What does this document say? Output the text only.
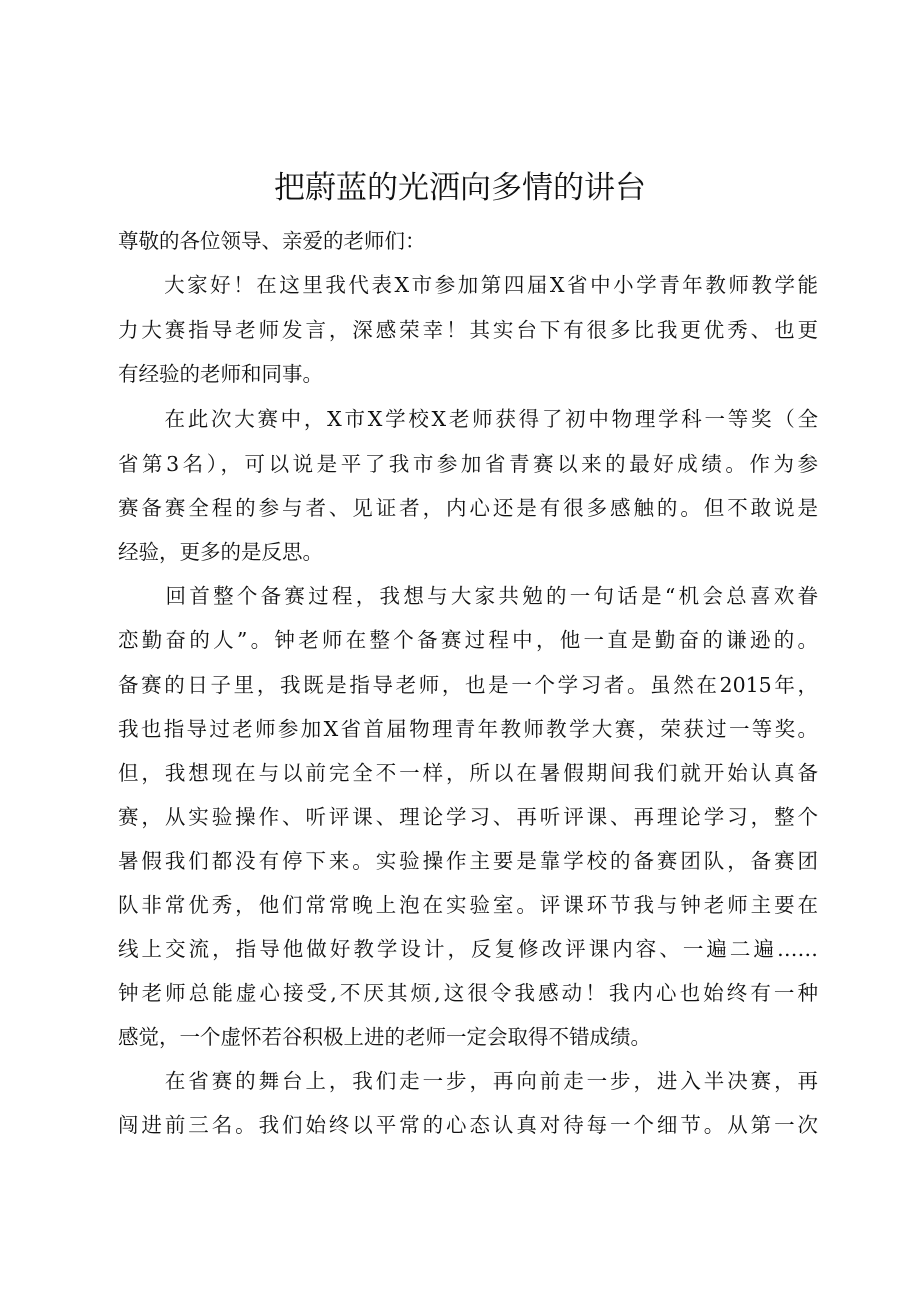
把蔚蓝的光洒向多情的讲台
尊敬的各位领导、亲爱的老师们：
　　大家好！在这里我代表X市参加第四届X省中小学青年教师教学能
力大赛指导老师发言，深感荣幸！其实台下有很多比我更优秀、也更
有经验的老师和同事。
　　在此次大赛中，X市X学校X老师获得了初中物理学科一等奖（全
省第3名），可以说是平了我市参加省青赛以来的最好成绩。作为参
赛备赛全程的参与者、见证者，内心还是有很多感触的。但不敢说是
经验，更多的是反思。
　　回首整个备赛过程，我想与大家共勉的一句话是“机会总喜欢眷
恋勤奋的人”。钟老师在整个备赛过程中，他一直是勤奋的谦逊的。
备赛的日子里，我既是指导老师，也是一个学习者。虽然在2015年，
我也指导过老师参加X省首届物理青年教师教学大赛，荣获过一等奖。
但，我想现在与以前完全不一样，所以在暑假期间我们就开始认真备
赛，从实验操作、听评课、理论学习、再听评课、再理论学习，整个
暑假我们都没有停下来。实验操作主要是靠学校的备赛团队，备赛团
队非常优秀，他们常常晚上泡在实验室。评课环节我与钟老师主要在
线上交流，指导他做好教学设计，反复修改评课内容、一遍二遍……
钟老师总能虚心接受,不厌其烦,这很令我感动！我内心也始终有一种
感觉，一个虚怀若谷积极上进的老师一定会取得不错成绩。
　　在省赛的舞台上，我们走一步，再向前走一步，进入半决赛，再
闯进前三名。我们始终以平常的心态认真对待每一个细节。从第一次
